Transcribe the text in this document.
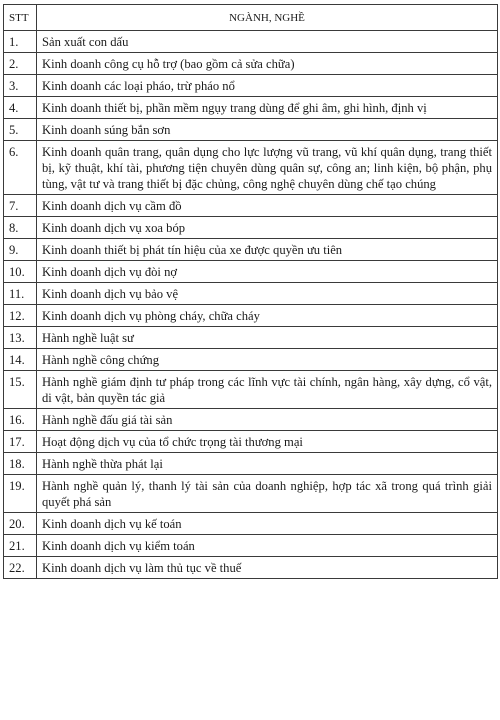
STT	NGÀNH, NGHỀ
1.	Sản xuất con dấu
2.	Kinh doanh công cụ hỗ trợ (bao gồm cả sửa chữa)
3.	Kinh doanh các loại pháo, trừ pháo nổ
4.	Kinh doanh thiết bị, phần mềm ngụy trang dùng để ghi âm, ghi hình, định vị
5.	Kinh doanh súng bắn sơn
6.	Kinh doanh quân trang, quân dụng cho lực lượng vũ trang, vũ khí quân dụng, trang thiết bị, kỹ thuật, khí tài, phương tiện chuyên dùng quân sự, công an; linh kiện, bộ phận, phụ tùng, vật tư và trang thiết bị đặc chủng, công nghệ chuyên dùng chế tạo chúng
7.	Kinh doanh dịch vụ cầm đồ
8.	Kinh doanh dịch vụ xoa bóp
9.	Kinh doanh thiết bị phát tín hiệu của xe được quyền ưu tiên
10.	Kinh doanh dịch vụ đòi nợ
11.	Kinh doanh dịch vụ bảo vệ
12.	Kinh doanh dịch vụ phòng cháy, chữa cháy
13.	Hành nghề luật sư
14.	Hành nghề công chứng
15.	Hành nghề giám định tư pháp trong các lĩnh vực tài chính, ngân hàng, xây dựng, cổ vật, di vật, bản quyền tác giả
16.	Hành nghề đấu giá tài sản
17.	Hoạt động dịch vụ của tổ chức trọng tài thương mại
18.	Hành nghề thừa phát lại
19.	Hành nghề quản lý, thanh lý tài sản của doanh nghiệp, hợp tác xã trong quá trình giải quyết phá sản
20.	Kinh doanh dịch vụ kế toán
21.	Kinh doanh dịch vụ kiểm toán
22.	Kinh doanh dịch vụ làm thủ tục về thuế
